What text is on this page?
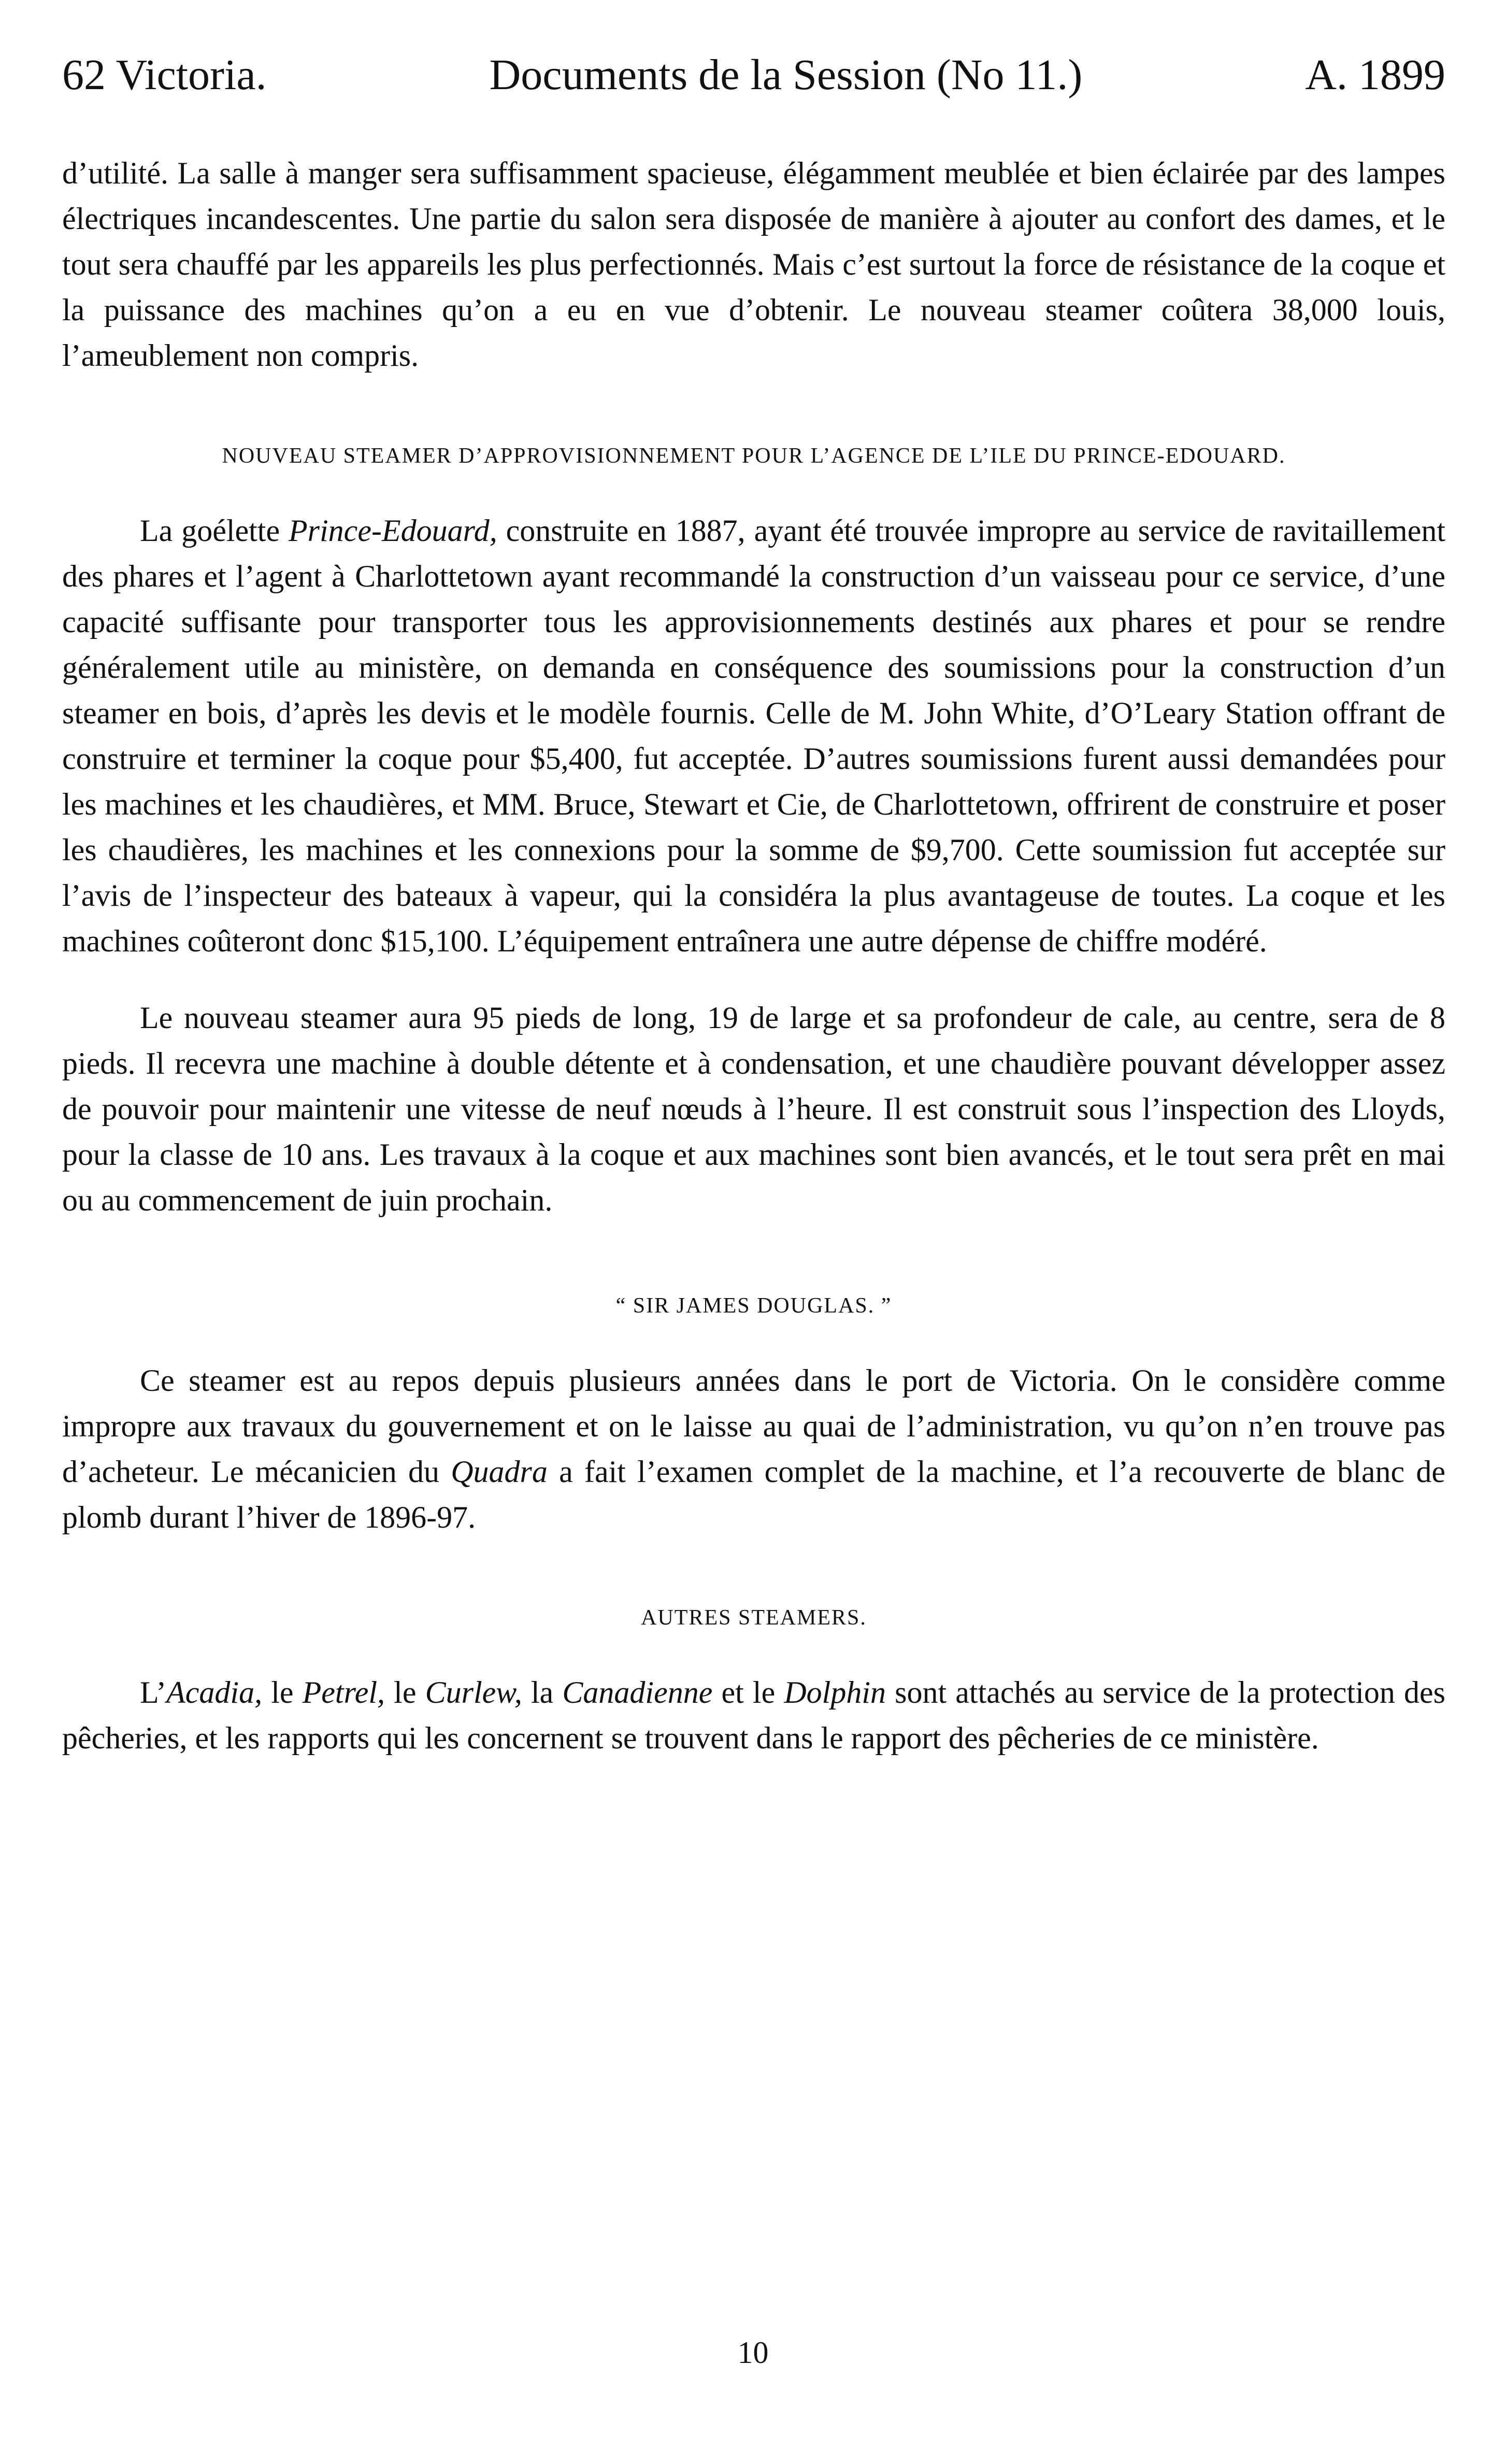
62 Victoria.	Documents de la Session (No 11.)	A. 1899

d’utilité. La salle à manger sera suffisamment spacieuse, élégamment meublée et bien éclairée par des lampes électriques incandescentes. Une partie du salon sera disposée de manière à ajouter au confort des dames, et le tout sera chauffé par les appareils les plus perfectionnés. Mais c’est surtout la force de résistance de la coque et la puissance des machines qu’on a eu en vue d’obtenir. Le nouveau steamer coûtera 38,000 louis, l’ameublement non compris.

NOUVEAU STEAMER D’APPROVISIONNEMENT POUR L’AGENCE DE L’ILE DU PRINCE-EDOUARD.

La goélette Prince-Edouard, construite en 1887, ayant été trouvée impropre au service de ravitaillement des phares et l’agent à Charlottetown ayant recommandé la construction d’un vaisseau pour ce service, d’une capacité suffisante pour transporter tous les approvisionnements destinés aux phares et pour se rendre généralement utile au ministère, on demanda en conséquence des soumissions pour la construction d’un steamer en bois, d’après les devis et le modèle fournis. Celle de M. John White, d’O’Leary Station offrant de construire et terminer la coque pour $5,400, fut acceptée. D’autres soumissions furent aussi demandées pour les machines et les chaudières, et MM. Bruce, Stewart et Cie, de Charlottetown, offrirent de construire et poser les chaudières, les machines et les connexions pour la somme de $9,700. Cette soumission fut acceptée sur l’avis de l’inspecteur des bateaux à vapeur, qui la considéra la plus avantageuse de toutes. La coque et les machines coûteront donc $15,100. L’équipement entraînera une autre dépense de chiffre modéré.

Le nouveau steamer aura 95 pieds de long, 19 de large et sa profondeur de cale, au centre, sera de 8 pieds. Il recevra une machine à double détente et à condensation, et une chaudière pouvant développer assez de pouvoir pour maintenir une vitesse de neuf nœuds à l’heure. Il est construit sous l’inspection des Lloyds, pour la classe de 10 ans. Les travaux à la coque et aux machines sont bien avancés, et le tout sera prêt en mai ou au commencement de juin prochain.

“ SIR JAMES DOUGLAS. ”

Ce steamer est au repos depuis plusieurs années dans le port de Victoria. On le considère comme impropre aux travaux du gouvernement et on le laisse au quai de l’administration, vu qu’on n’en trouve pas d’acheteur. Le mécanicien du Quadra a fait l’examen complet de la machine, et l’a recouverte de blanc de plomb durant l’hiver de 1896-97.

AUTRES STEAMERS.

L’Acadia, le Petrel, le Curlew, la Canadienne et le Dolphin sont attachés au service de la protection des pêcheries, et les rapports qui les concernent se trouvent dans le rapport des pêcheries de ce ministère.

10
